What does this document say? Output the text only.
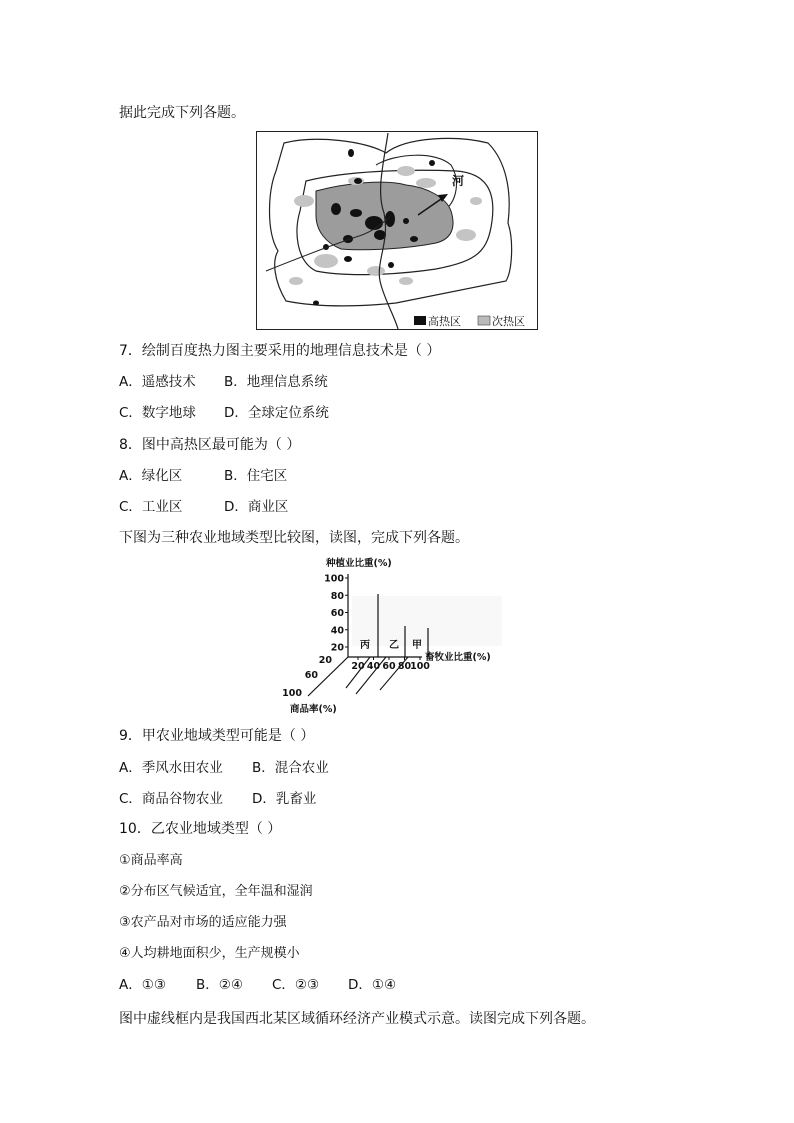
据此完成下列各题。
河
高热区	次热区
7．绘制百度热力图主要采用的地理信息技术是（ ）
A．遥感技术 B．地理信息系统
C．数字地球 D．全球定位系统
8．图中高热区最可能为（ ）
A．绿化区	B．住宅区
C．工业区	D．商业区
下图为三种农业地域类型比较图，读图，完成下列各题。
100
80
60
40
20
20 40 60 80
100
20
60
100
种植业比重(%)
畜牧业比重(%)
商品率(%)
丙 乙 甲
9．甲农业地域类型可能是（ ）
A．季风水田农业 B．混合农业
C．商品谷物农业 D．乳畜业
10．乙农业地域类型（ ）
①商品率高
②分布区气候适宜，全年温和湿润
③农产品对市场的适应能力强
④人均耕地面积少，生产规模小
A．①③ B．②④ C．②③ D．①④
图中虚线框内是我国西北某区域循环经济产业模式示意。读图完成下列各题。
